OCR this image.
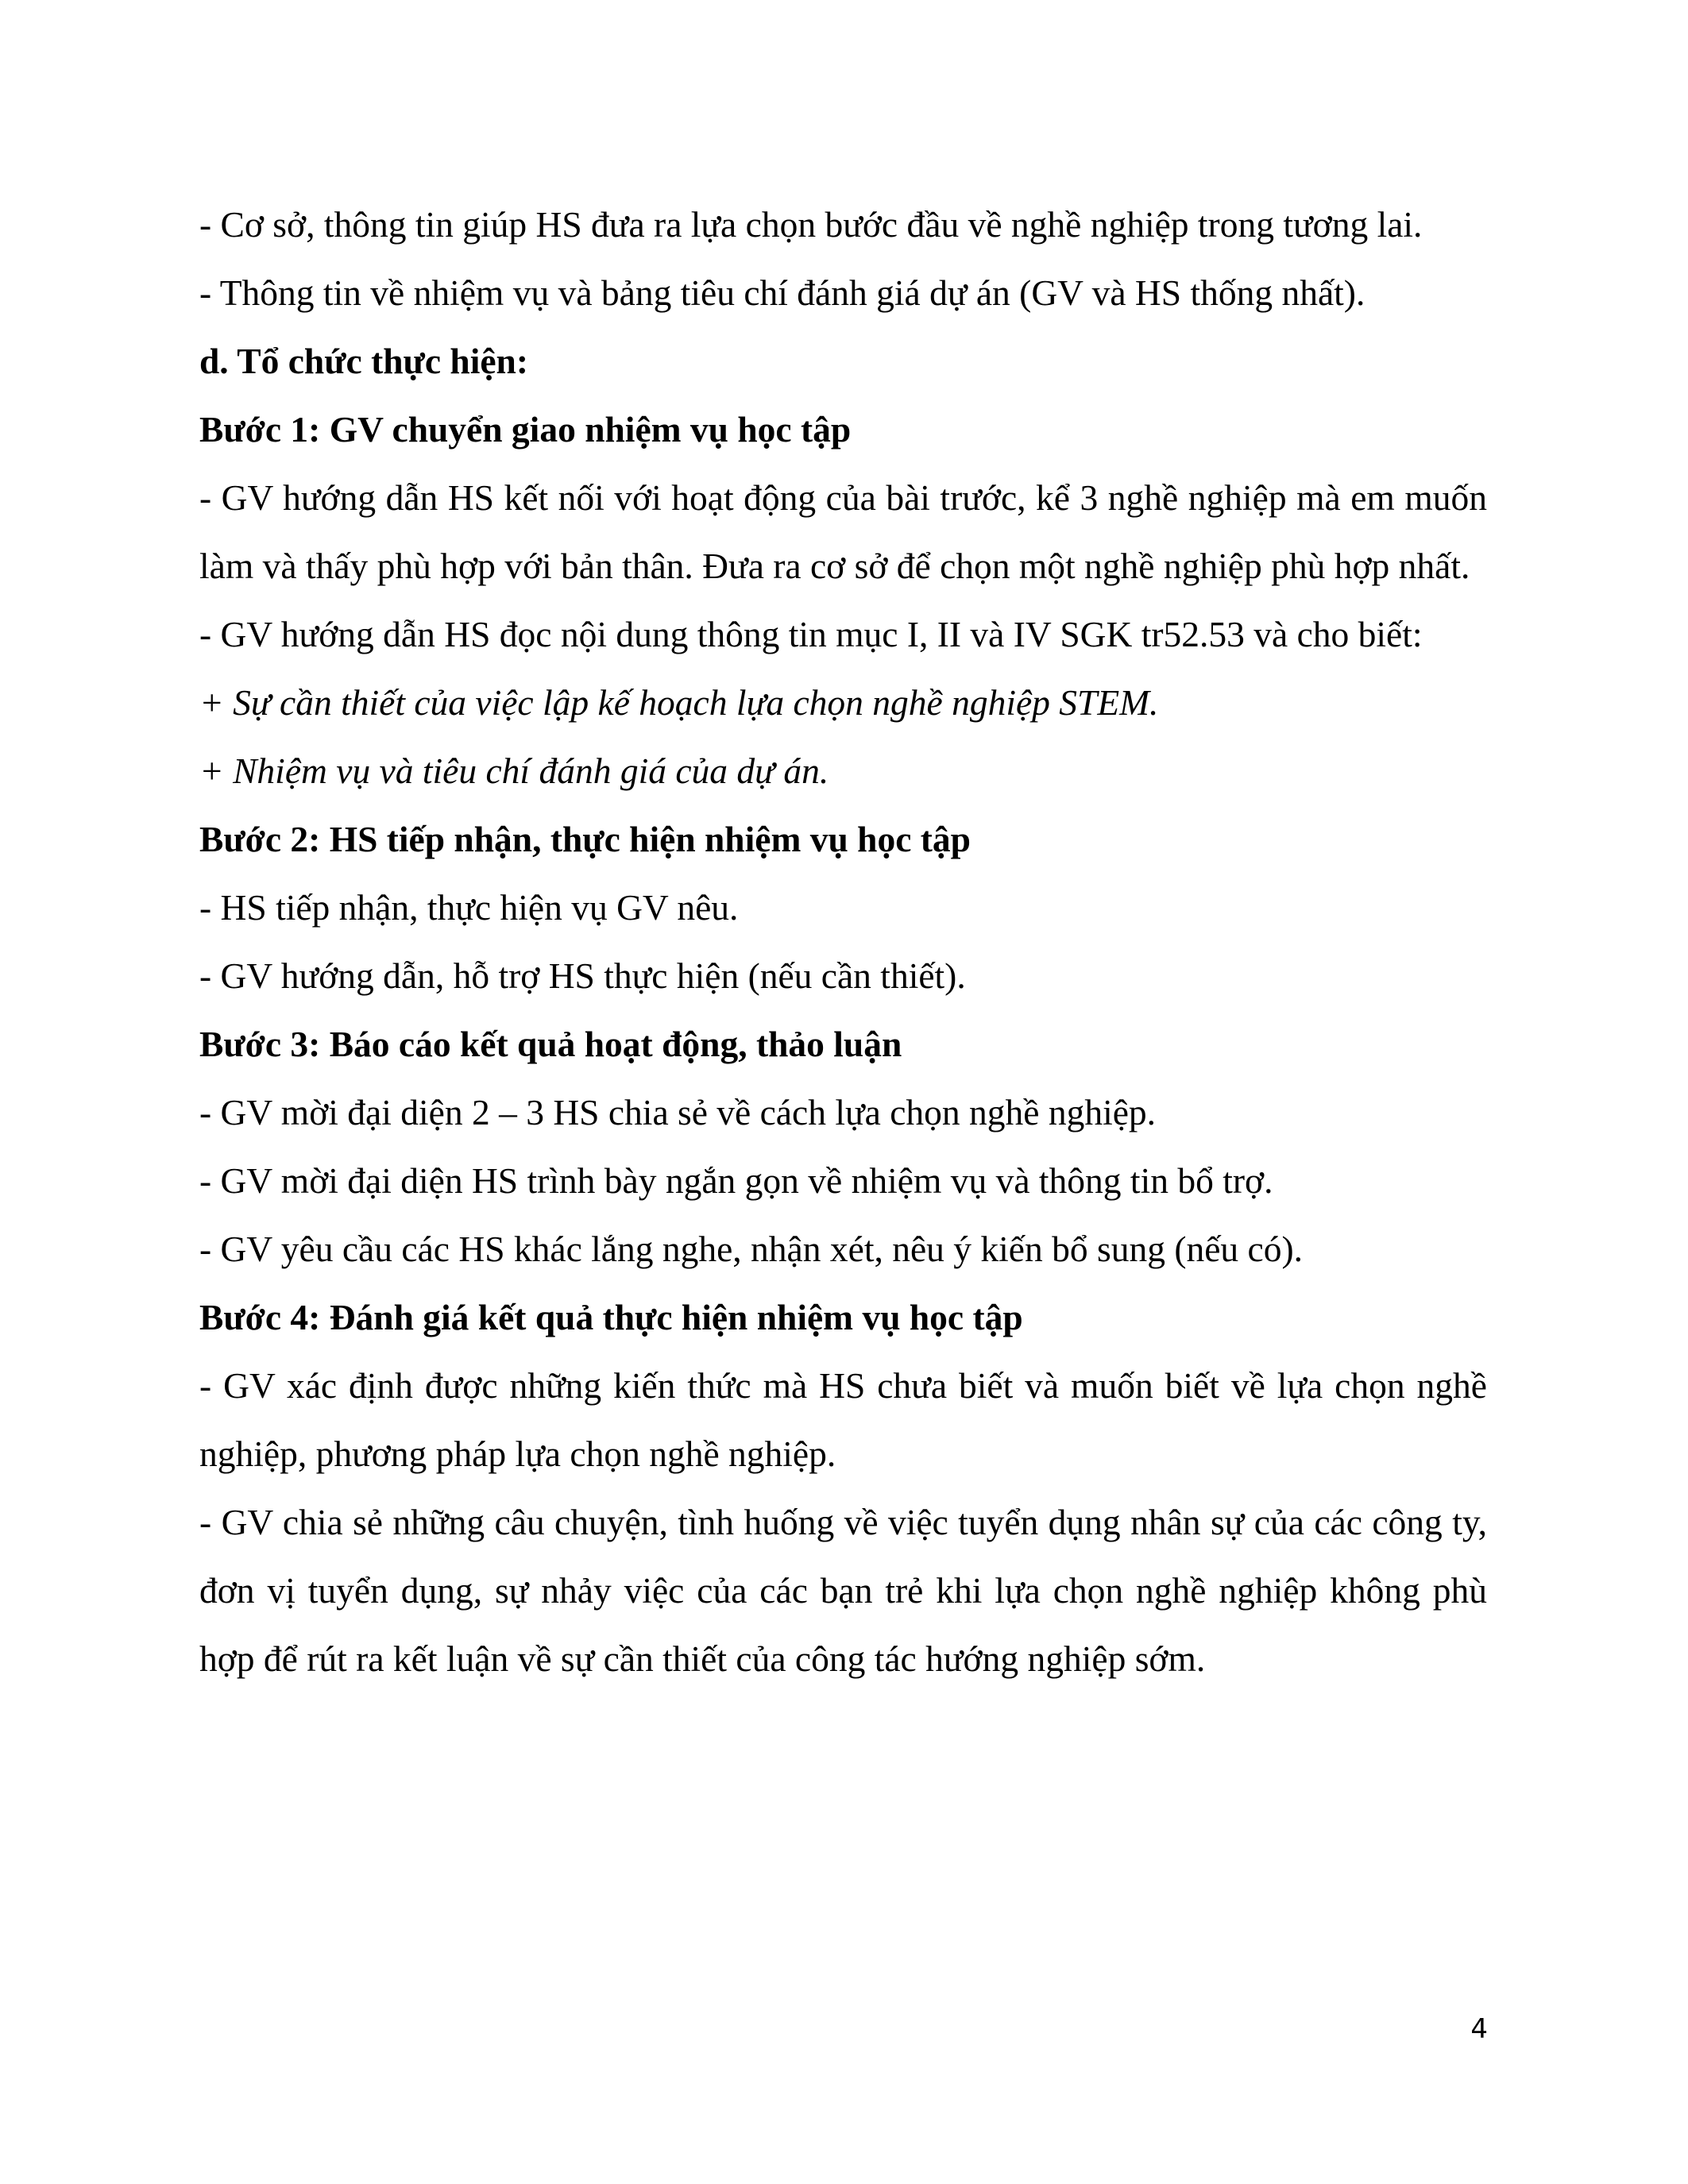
- Cơ sở, thông tin giúp HS đưa ra lựa chọn bước đầu về nghề nghiệp trong tương lai.

- Thông tin về nhiệm vụ và bảng tiêu chí đánh giá dự án (GV và HS thống nhất).

d. Tổ chức thực hiện:

Bước 1: GV chuyển giao nhiệm vụ học tập

- GV hướng dẫn HS kết nối với hoạt động của bài trước, kể 3 nghề nghiệp mà em muốn làm và thấy phù hợp với bản thân. Đưa ra cơ sở để chọn một nghề nghiệp phù hợp nhất.

- GV hướng dẫn HS đọc nội dung thông tin mục I, II và IV SGK tr52.53 và cho biết:

+ Sự cần thiết của việc lập kế hoạch lựa chọn nghề nghiệp STEM.

+ Nhiệm vụ và tiêu chí đánh giá của dự án.

Bước 2: HS tiếp nhận, thực hiện nhiệm vụ học tập

- HS tiếp nhận, thực hiện vụ GV nêu.

- GV hướng dẫn, hỗ trợ HS thực hiện (nếu cần thiết).

Bước 3: Báo cáo kết quả hoạt động, thảo luận

- GV mời đại diện 2 – 3 HS chia sẻ về cách lựa chọn nghề nghiệp.

- GV mời đại diện HS trình bày ngắn gọn về nhiệm vụ và thông tin bổ trợ.

- GV yêu cầu các HS khác lắng nghe, nhận xét, nêu ý kiến bổ sung (nếu có).

Bước 4: Đánh giá kết quả thực hiện nhiệm vụ học tập

- GV xác định được những kiến thức mà HS chưa biết và muốn biết về lựa chọn nghề nghiệp, phương pháp lựa chọn nghề nghiệp.

- GV chia sẻ những câu chuyện, tình huống về việc tuyển dụng nhân sự của các công ty, đơn vị tuyển dụng, sự nhảy việc của các bạn trẻ khi lựa chọn nghề nghiệp không phù hợp để rút ra kết luận về sự cần thiết của công tác hướng nghiệp sớm.

4
